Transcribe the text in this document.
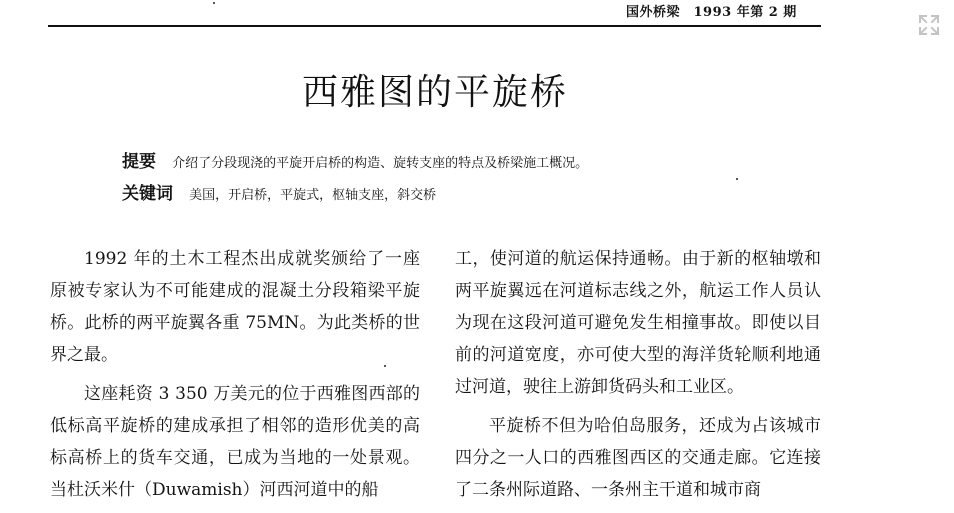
国外桥梁　1993 年第 2 期
西雅图的平旋桥
提要 介绍了分段现浇的平旋开启桥的构造、旋转支座的特点及桥梁施工概况。
关键词 美国，开启桥，平旋式，枢轴支座，斜交桥

1992 年的土木工程杰出成就奖颁给了一座原被专家认为不可能建成的混凝土分段箱梁平旋桥。此桥的两平旋翼各重 75MN。为此类桥的世界之最。

这座耗资 3 350 万美元的位于西雅图西部的低标高平旋桥的建成承担了相邻的造形优美的高标高桥上的货车交通，已成为当地的一处景观。当杜沃米什（Duwamish）河西河道中的船

工，使河道的航运保持通畅。由于新的枢轴墩和两平旋翼远在河道标志线之外，航运工作人员认为现在这段河道可避免发生相撞事故。即使以目前的河道宽度，亦可使大型的海洋货轮顺利地通过河道，驶往上游卸货码头和工业区。

平旋桥不但为哈伯岛服务，还成为占该城市四分之一人口的西雅图西区的交通走廊。它连接了二条州际道路、一条州主干道和城市商
